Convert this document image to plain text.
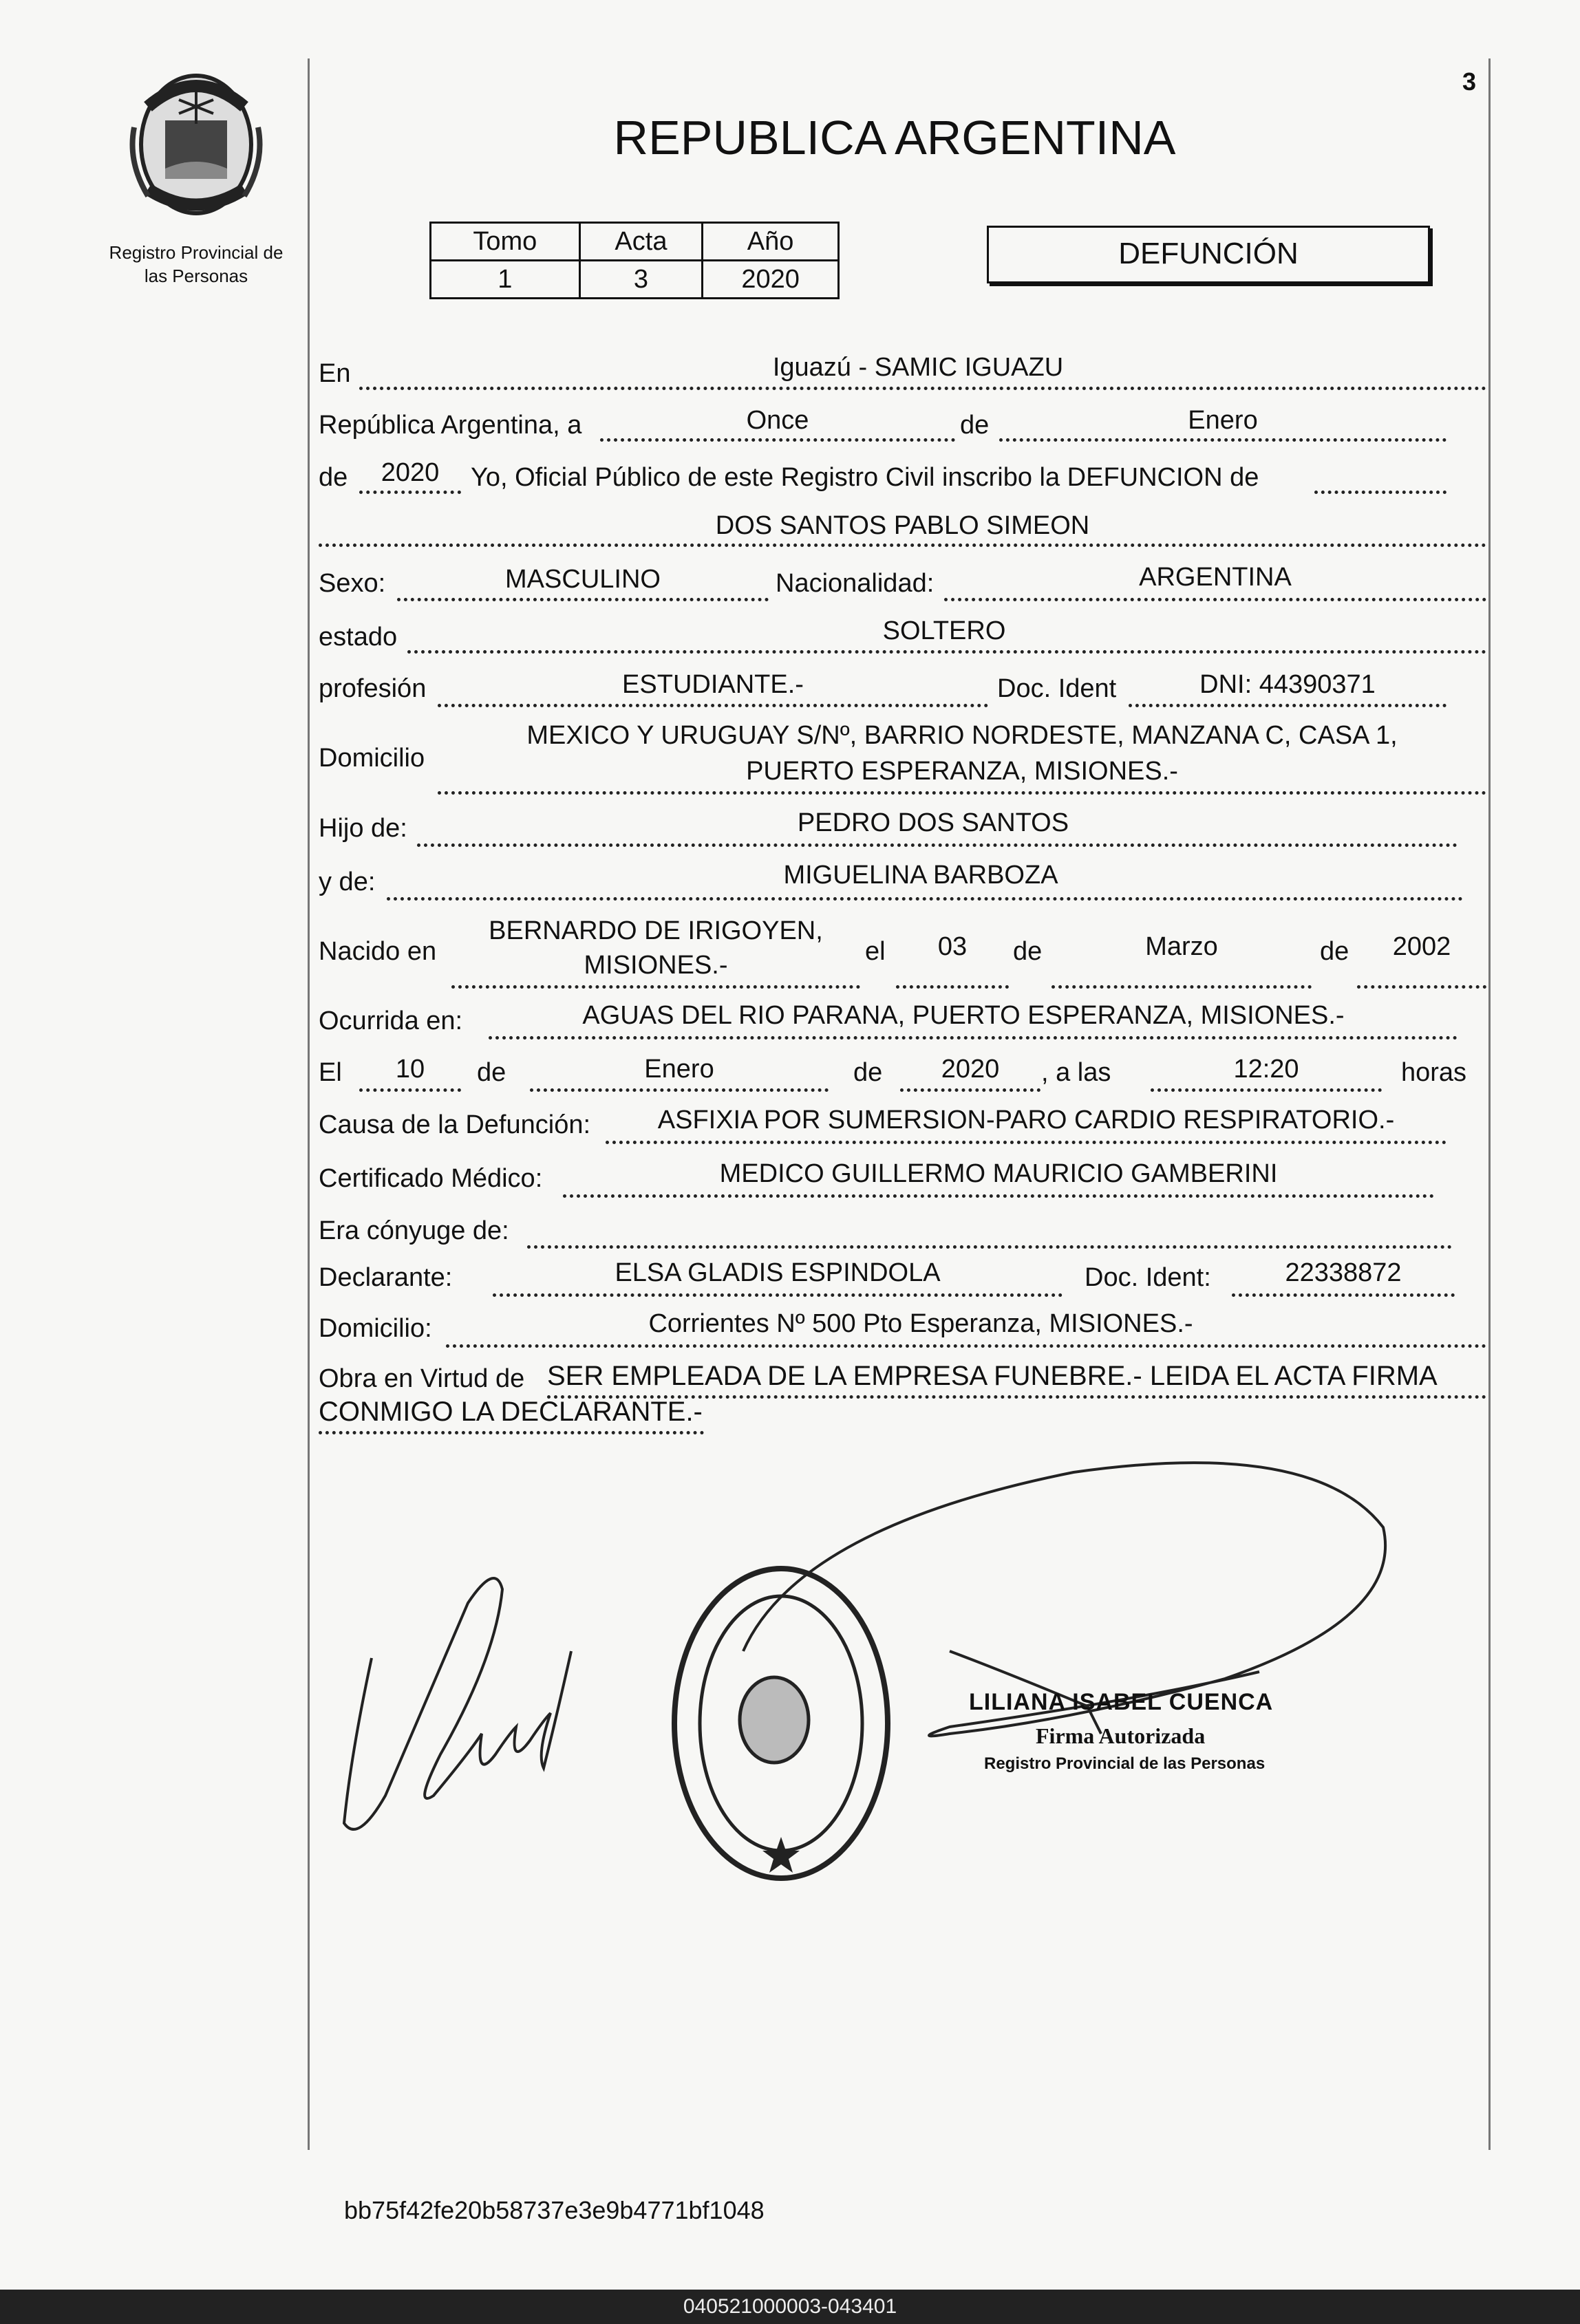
3
Registro Provincial de
las Personas
REPUBLICA ARGENTINA
Tomo	Acta	Año
1	3	2020
DEFUNCIÓN
En	Iguazú - SAMIC IGUAZU
República Argentina, a	Once	de	Enero
de	2020	Yo, Oficial Público de este Registro Civil inscribo la DEFUNCION de
DOS SANTOS PABLO SIMEON
Sexo:	MASCULINO	Nacionalidad:	ARGENTINA
estado	SOLTERO
profesión	ESTUDIANTE.-	Doc. Ident	DNI: 44390371
Domicilio
MEXICO Y URUGUAY S/Nº, BARRIO NORDESTE, MANZANA C, CASA 1,
PUERTO ESPERANZA, MISIONES.-
Hijo de:	PEDRO DOS SANTOS
y de:	MIGUELINA BARBOZA
Nacido en
BERNARDO DE IRIGOYEN,
MISIONES.-	el	03	de	Marzo	de	2002
Ocurrida en:	AGUAS DEL RIO PARANA, PUERTO ESPERANZA, MISIONES.-
El	10	de	Enero	de	2020	, a las	12:20	horas
Causa de la Defunción:	ASFIXIA POR SUMERSION-PARO CARDIO RESPIRATORIO.-
Certificado Médico:	MEDICO GUILLERMO MAURICIO GAMBERINI
Era cónyuge de:
Declarante:	ELSA GLADIS ESPINDOLA	Doc. Ident:	22338872
Domicilio:	Corrientes Nº 500 Pto Esperanza, MISIONES.-
Obra en Virtud de SER EMPLEADA DE LA EMPRESA FUNEBRE.- LEIDA EL ACTA FIRMA
CONMIGO LA DECLARANTE.-
LILIANA ISABEL CUENCA
Firma Autorizada
Registro Provincial de las Personas
bb75f42fe20b58737e3e9b4771bf1048
040521000003-043401
